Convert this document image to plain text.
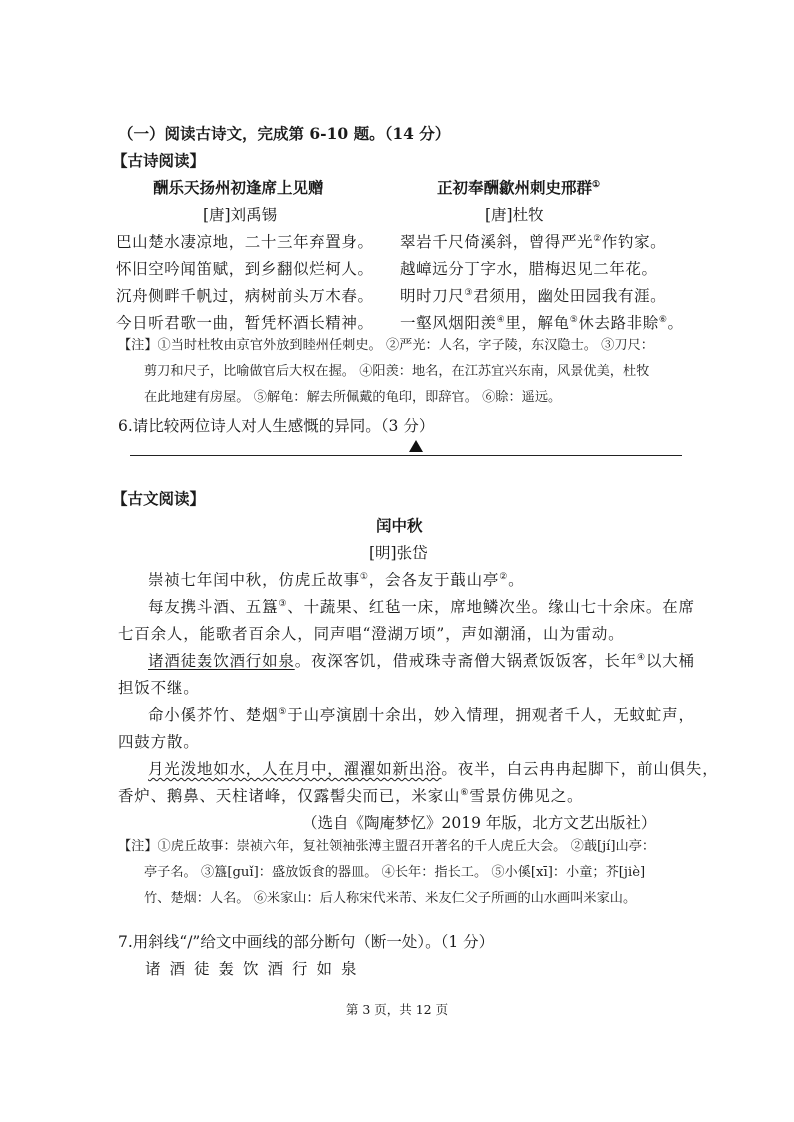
（一）阅读古诗文，完成第 6-10 题。（14 分）
【古诗阅读】
酬乐天扬州初逢席上见赠
[唐]刘禹锡
巴山楚水凄凉地，二十三年弃置身。
怀旧空吟闻笛赋，到乡翻似烂柯人。
沉舟侧畔千帆过，病树前头万木春。
今日听君歌一曲，暂凭杯酒长精神。
正初奉酬歙州刺史邢群①
[唐]杜牧
翠岩千尺倚溪斜，曾得严光②作钓家。
越嶂远分丁字水，腊梅迟见二年花。
明时刀尺③君须用，幽处田园我有涯。
一壑风烟阳羡④里，解龟⑤休去路非賒⑥。
【注】①当时杜牧由京官外放到睦州任刺史。 ②严光：人名，字子陵，东汉隐士。 ③刀尺：
剪刀和尺子，比喻做官后大权在握。 ④阳羡：地名，在江苏宜兴东南，风景优美，杜牧
在此地建有房屋。 ⑤解龟：解去所佩戴的龟印，即辞官。 ⑥賒：遥远。
6.请比较两位诗人对人生感慨的异同。（3 分）
【古文阅读】
闰中秋
[明]张岱
崇祯七年闰中秋，仿虎丘故事①，会各友于蕺山亭②。
每友携斗酒、五簋③、十蔬果、红毡一床，席地鳞次坐。缘山七十余床。在席
七百余人，能歌者百余人，同声唱“澄湖万顷”，声如潮涌，山为雷动。
诸酒徒轰饮酒行如泉。夜深客饥，借戒珠寺斋僧大锅煮饭饭客，长年④以大桶
担饭不继。
命小傒芥竹、楚烟⑤于山亭演剧十余出，妙入情理，拥观者千人，无蚊虻声，
四鼓方散。
月光泼地如水，人在月中，濯濯如新出浴。夜半，白云冉冉起脚下，前山俱失，
香炉、鹅鼻、天柱诸峰，仅露髻尖而已，米家山⑥雪景仿佛见之。
（选自《陶庵梦忆》2019 年版，北方文艺出版社）
【注】①虎丘故事：崇祯六年，复社领袖张溥主盟召开著名的千人虎丘大会。 ②蕺[jí]山亭：
亭子名。 ③簋[guǐ]：盛放饭食的器皿。 ④长年：指长工。 ⑤小傒[xī]：小童；芥[jiè]
竹、楚烟：人名。 ⑥米家山：后人称宋代米芾、米友仁父子所画的山水画叫米家山。
7.用斜线“/”给文中画线的部分断句（断一处）。（1 分）
诸酒徒轰饮酒行如泉
第 3 页，共 12 页
